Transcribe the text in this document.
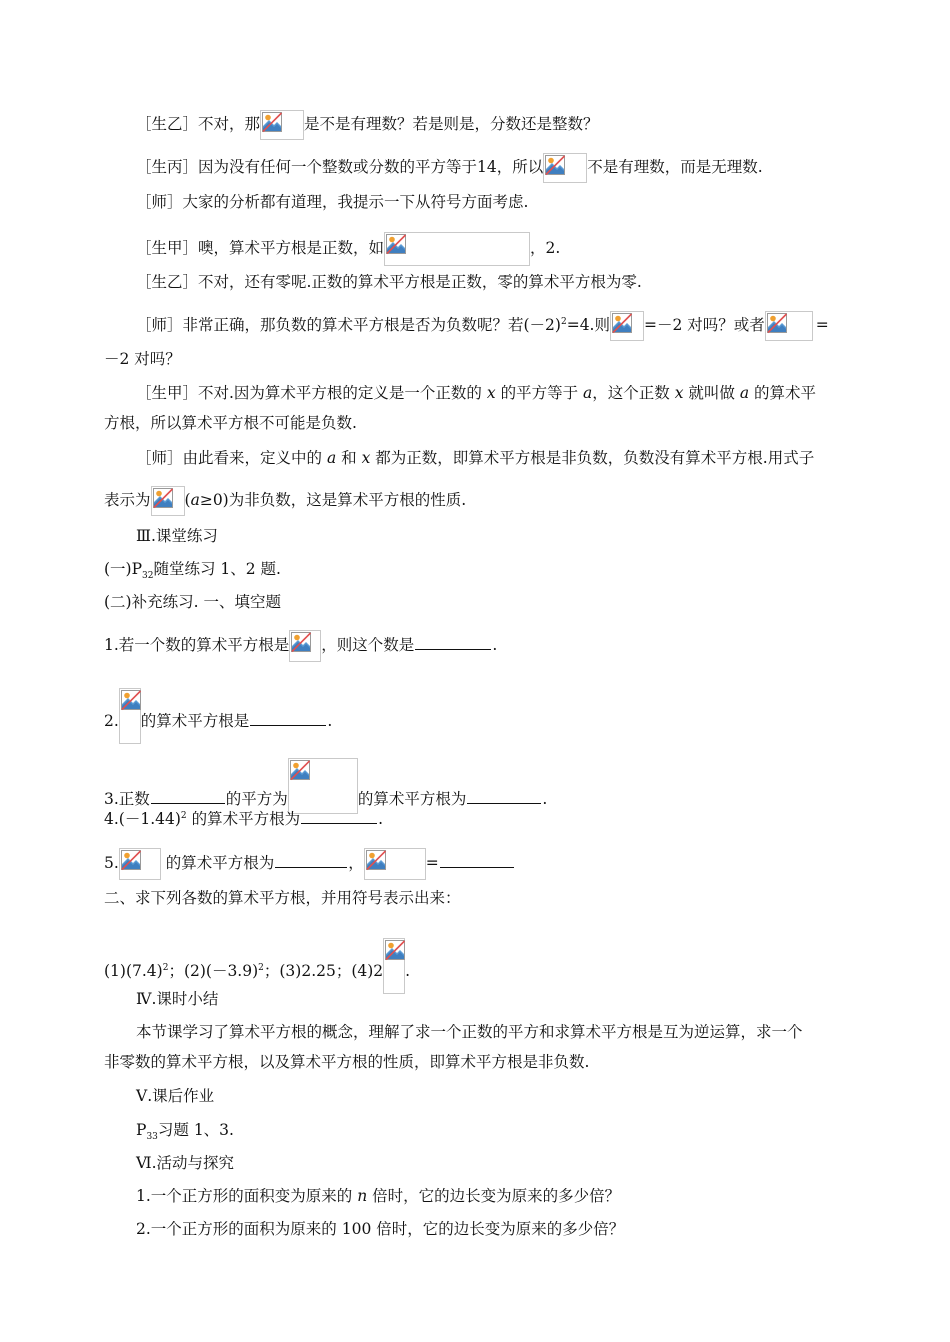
［生乙］不对，那	是不是有理数？若是则是，分数还是整数？
［生丙］因为没有任何一个整数或分数的平方等于14，所以	不是有理数，而是无理数.
［师］大家的分析都有道理，我提示一下从符号方面考虑.
［生甲］噢，算术平方根是正数，如	，2.
［生乙］不对，还有零呢.正数的算术平方根是正数，零的算术平方根为零.
［师］非常正确，那负数的算术平方根是否为负数呢？若$(-2)^2=4$.则 =－2 对吗？或者	=
－2 对吗？
［生甲］不对.因为算术平方根的定义是一个正数的 x 的平方等于 a，这个正数 x 就叫做 a 的算术平
方根，所以算术平方根不可能是负数.
［师］由此看来，定义中的 a 和 x 都为正数，即算术平方根是非负数，负数没有算术平方根.用式子
表示为 (a≥0)为非负数，这是算术平方根的性质.
Ⅲ.课堂练习
(一)$P_{32}$随堂练习 1、2 题.
(二)补充练习. 一、填空题
1.若一个数的算术平方根是 ，则这个数是	.
2. 的算术平方根是	.
3.正数	的平方为	的算术平方根为	.
$4.(-1.44)^2$ 的算术平方根为	.
5.	的算术平方根为	，	=
二、求下列各数的算术平方根，并用符号表示出来：
$(1)(7.4)^2$；$(2)(-3.9)^2$；(3)2.25；(4)2 .
Ⅳ.课时小结
本节课学习了算术平方根的概念，理解了求一个正数的平方和求算术平方根是互为逆运算，求一个
非零数的算术平方根，以及算术平方根的性质，即算术平方根是非负数.
Ⅴ.课后作业
$P_{33}$习题 1、3.
Ⅵ.活动与探究
1.一个正方形的面积变为原来的 n 倍时，它的边长变为原来的多少倍？
2.一个正方形的面积为原来的 100 倍时，它的边长变为原来的多少倍？
